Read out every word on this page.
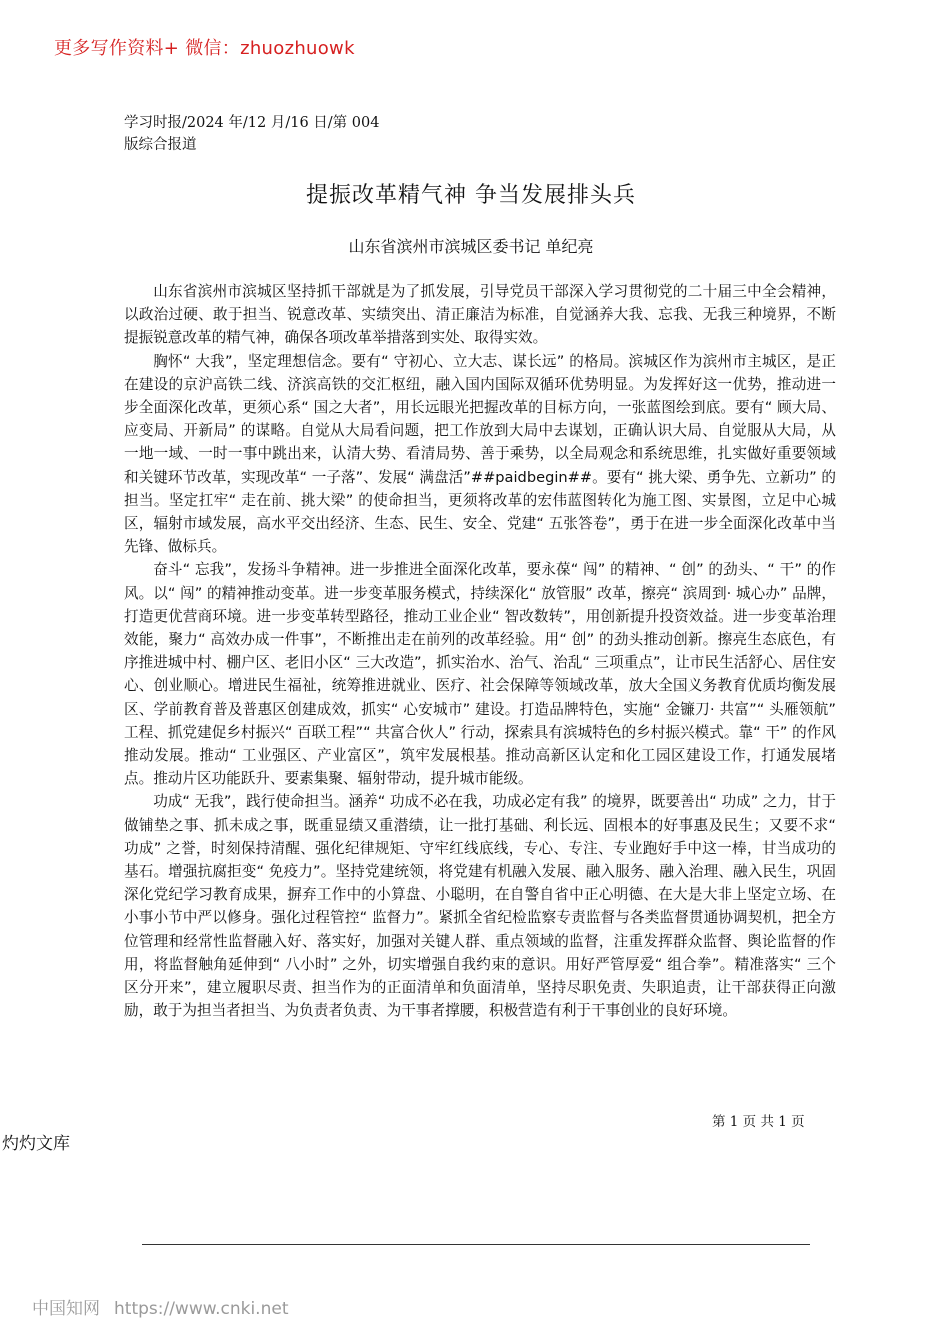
更多写作资料+ 微信：zhuozhuowk
学习时报/2024 年/12 月/16 日/第 004
版综合报道
提振改革精气神 争当发展排头兵
山东省滨州市滨城区委书记 单纪亮

山东省滨州市滨城区坚持抓干部就是为了抓发展，引导党员干部深入学习贯彻党的二十届三中全会精神，以政治过硬、敢于担当、锐意改革、实绩突出、清正廉洁为标准，自觉涵养大我、忘我、无我三种境界，不断提振锐意改革的精气神，确保各项改革举措落到实处、取得实效。

胸怀“ 大我”，坚定理想信念。要有“ 守初心、立大志、谋长远” 的格局。滨城区作为滨州市主城区，是正在建设的京沪高铁二线、济滨高铁的交汇枢纽，融入国内国际双循环优势明显。为发挥好这一优势，推动进一步全面深化改革，更须心系“ 国之大者”，用长远眼光把握改革的目标方向，一张蓝图绘到底。要有“ 顾大局、应变局、开新局” 的谋略。自觉从大局看问题，把工作放到大局中去谋划，正确认识大局、自觉服从大局，从一地一域、一时一事中跳出来，认清大势、看清局势、善于乘势，以全局观念和系统思维，扎实做好重要领域和关键环节改革，实现改革“ 一子落”、发展“ 满盘活”##paidbegin##。要有“ 挑大梁、勇争先、立新功” 的担当。坚定扛牢“ 走在前、挑大梁” 的使命担当，更须将改革的宏伟蓝图转化为施工图、实景图，立足中心城区，辐射市域发展，高水平交出经济、生态、民生、安全、党建“ 五张答卷”，勇于在进一步全面深化改革中当先锋、做标兵。

奋斗“ 忘我”，发扬斗争精神。进一步推进全面深化改革，要永葆“ 闯” 的精神、“ 创” 的劲头、“ 干” 的作风。以“ 闯” 的精神推动变革。进一步变革服务模式，持续深化“ 放管服” 改革，擦亮“ 滨周到· 城心办” 品牌，打造更优营商环境。进一步变革转型路径，推动工业企业“ 智改数转”，用创新提升投资效益。进一步变革治理效能，聚力“ 高效办成一件事”，不断推出走在前列的改革经验。用“ 创” 的劲头推动创新。擦亮生态底色，有序推进城中村、棚户区、老旧小区“ 三大改造”，抓实治水、治气、治乱“ 三项重点”，让市民生活舒心、居住安心、创业顺心。增进民生福祉，统筹推进就业、医疗、社会保障等领域改革，放大全国义务教育优质均衡发展区、学前教育普及普惠区创建成效，抓实“ 心安城市” 建设。打造品牌特色，实施“ 金镰刀· 共富”“ 头雁领航” 工程、抓党建促乡村振兴“ 百联工程”“ 共富合伙人” 行动，探索具有滨城特色的乡村振兴模式。靠“ 干” 的作风推动发展。推动“ 工业强区、产业富区”，筑牢发展根基。推动高新区认定和化工园区建设工作，打通发展堵点。推动片区功能跃升、要素集聚、辐射带动，提升城市能级。

功成“ 无我”，践行使命担当。涵养“ 功成不必在我，功成必定有我” 的境界，既要善出“ 功成” 之力，甘于做铺垫之事、抓未成之事，既重显绩又重潜绩，让一批打基础、利长远、固根本的好事惠及民生；又要不求“ 功成” 之誉，时刻保持清醒、强化纪律规矩、守牢红线底线，专心、专注、专业跑好手中这一棒，甘当成功的基石。增强抗腐拒变“ 免疫力”。坚持党建统领，将党建有机融入发展、融入服务、融入治理、融入民生，巩固深化党纪学习教育成果，摒弃工作中的小算盘、小聪明，在自警自省中正心明德、在大是大非上坚定立场、在小事小节中严以修身。强化过程管控“ 监督力”。紧抓全省纪检监察专责监督与各类监督贯通协调契机，把全方位管理和经常性监督融入好、落实好，加强对关键人群、重点领域的监督，注重发挥群众监督、舆论监督的作用，将监督触角延伸到“ 八小时” 之外，切实增强自我约束的意识。用好严管厚爱“ 组合拳”。精准落实“ 三个区分开来”，建立履职尽责、担当作为的正面清单和负面清单，坚持尽职免责、失职追责，让干部获得正向激励，敢于为担当者担当、为负责者负责、为干事者撑腰，积极营造有利于干事创业的良好环境。

第 1 页 共 1 页
灼灼文库
中国知网 https://www.cnki.net
